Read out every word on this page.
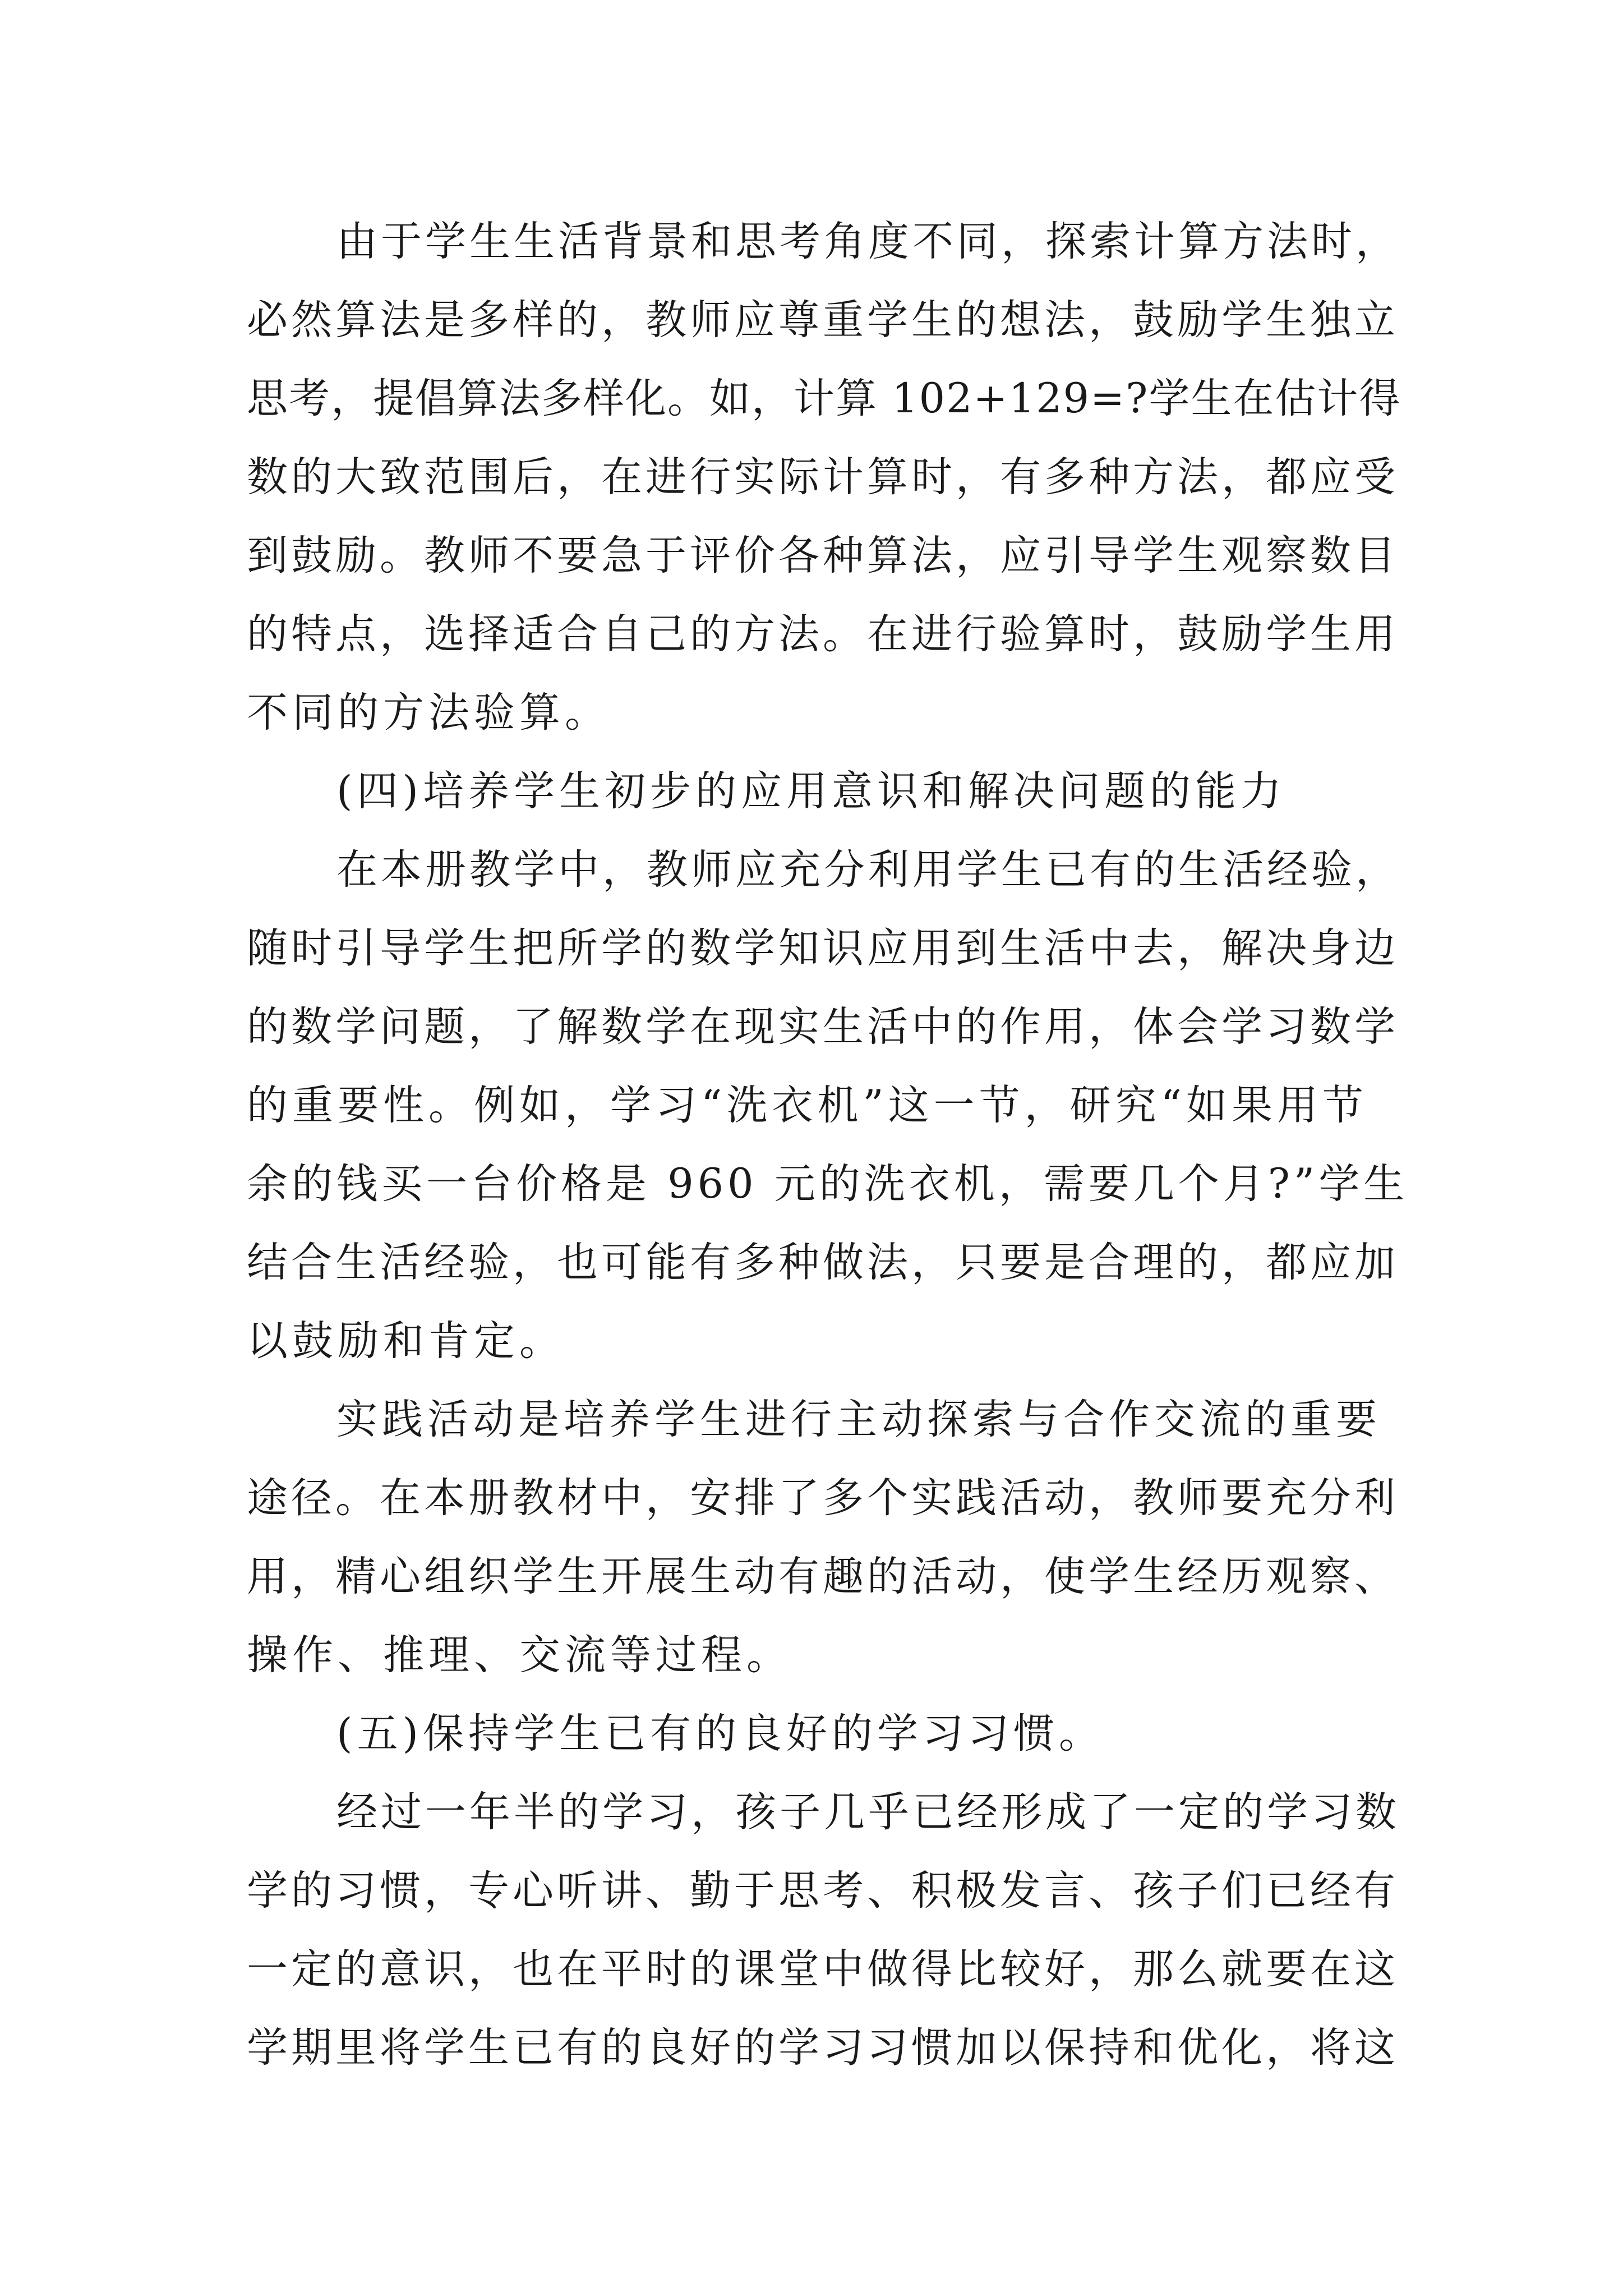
由于学生生活背景和思考角度不同，探索计算方法时，
必然算法是多样的，教师应尊重学生的想法，鼓励学生独立
思考，提倡算法多样化。如，计算 102+129=?学生在估计得
数的大致范围后，在进行实际计算时，有多种方法，都应受
到鼓励。教师不要急于评价各种算法，应引导学生观察数目
的特点，选择适合自己的方法。在进行验算时，鼓励学生用
不同的方法验算。
(四)培养学生初步的应用意识和解决问题的能力
在本册教学中，教师应充分利用学生已有的生活经验，
随时引导学生把所学的数学知识应用到生活中去，解决身边
的数学问题，了解数学在现实生活中的作用，体会学习数学
的重要性。例如，学习“洗衣机”这一节，研究“如果用节
余的钱买一台价格是 960 元的洗衣机，需要几个月?”学生
结合生活经验，也可能有多种做法，只要是合理的，都应加
以鼓励和肯定。
实践活动是培养学生进行主动探索与合作交流的重要
途径。在本册教材中，安排了多个实践活动，教师要充分利
用，精心组织学生开展生动有趣的活动，使学生经历观察、
操作、推理、交流等过程。
(五)保持学生已有的良好的学习习惯。
经过一年半的学习，孩子几乎已经形成了一定的学习数
学的习惯，专心听讲、勤于思考、积极发言、孩子们已经有
一定的意识，也在平时的课堂中做得比较好，那么就要在这
学期里将学生已有的良好的学习习惯加以保持和优化，将这
